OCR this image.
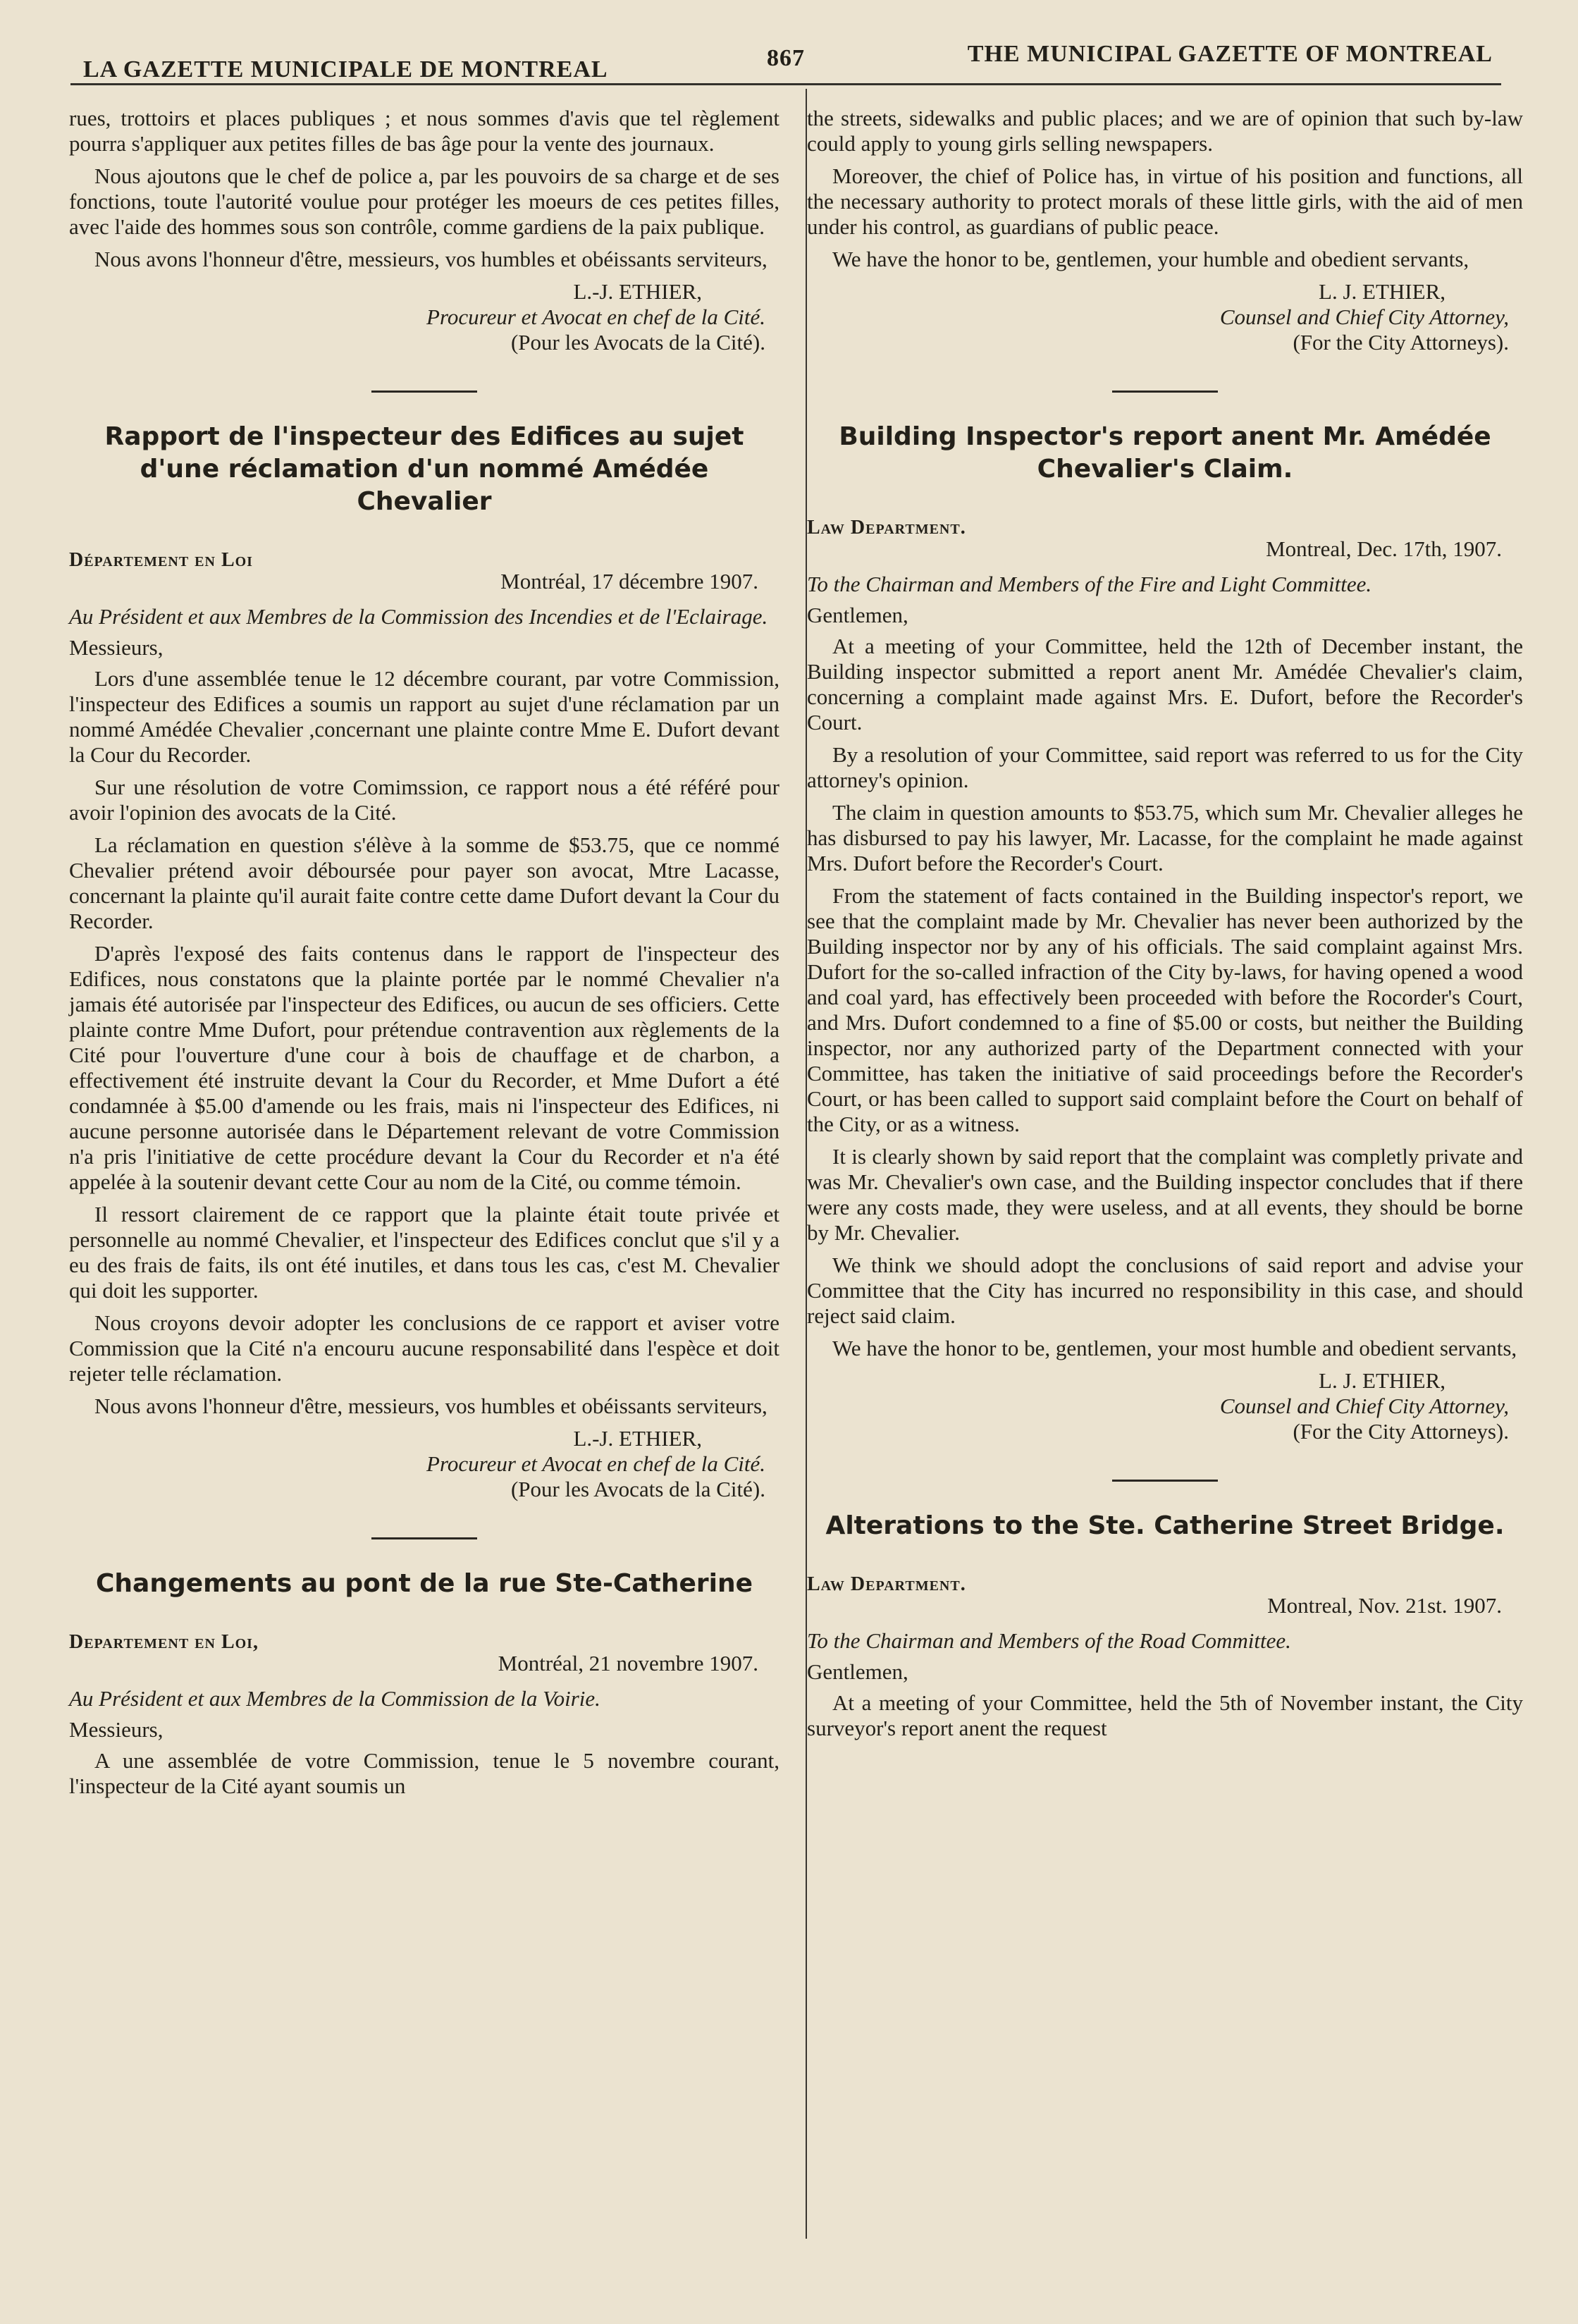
LA GAZETTE MUNICIPALE DE MONTREAL	867	THE MUNICIPAL GAZETTE OF MONTREAL

rues, trottoirs et places publiques ; et nous sommes d'avis que tel règlement pourra s'appliquer aux petites filles de bas âge pour la vente des journaux.

Nous ajoutons que le chef de police a, par les pouvoirs de sa charge et de ses fonctions, toute l'autorité voulue pour protéger les moeurs de ces petites filles, avec l'aide des hommes sous son contrôle, comme gardiens de la paix publique.

Nous avons l'honneur d'être, messieurs, vos humbles et obéissants serviteurs,

L.-J. ETHIER,
Procureur et Avocat en chef de la Cité.
(Pour les Avocats de la Cité).
Rapport de l'inspecteur des Edifices au sujet d'une réclamation d'un nommé Amédée Chevalier
Département en Loi
Montréal, 17 décembre 1907.

Au Président et aux Membres de la Commission des Incendies et de l'Eclairage.

Messieurs,

Lors d'une assemblée tenue le 12 décembre courant, par votre Commission, l'inspecteur des Edifices a soumis un rapport au sujet d'une réclamation par un nommé Amédée Chevalier ,concernant une plainte contre Mme E. Dufort devant la Cour du Recorder.

Sur une résolution de votre Comimssion, ce rapport nous a été référé pour avoir l'opinion des avocats de la Cité.

La réclamation en question s'élève à la somme de $53.75, que ce nommé Chevalier prétend avoir déboursée pour payer son avocat, Mtre Lacasse, concernant la plainte qu'il aurait faite contre cette dame Dufort devant la Cour du Recorder.

D'après l'exposé des faits contenus dans le rapport de l'inspecteur des Edifices, nous constatons que la plainte portée par le nommé Chevalier n'a jamais été autorisée par l'inspecteur des Edifices, ou aucun de ses officiers. Cette plainte contre Mme Dufort, pour prétendue contravention aux règlements de la Cité pour l'ouverture d'une cour à bois de chauffage et de charbon, a effectivement été instruite devant la Cour du Recorder, et Mme Dufort a été condamnée à $5.00 d'amende ou les frais, mais ni l'inspecteur des Edifices, ni aucune personne autorisée dans le Département relevant de votre Commission n'a pris l'initiative de cette procédure devant la Cour du Recorder et n'a été appelée à la soutenir devant cette Cour au nom de la Cité, ou comme témoin.

Il ressort clairement de ce rapport que la plainte était toute privée et personnelle au nommé Chevalier, et l'inspecteur des Edifices conclut que s'il y a eu des frais de faits, ils ont été inutiles, et dans tous les cas, c'est M. Chevalier qui doit les supporter.

Nous croyons devoir adopter les conclusions de ce rapport et aviser votre Commission que la Cité n'a encouru aucune responsabilité dans l'espèce et doit rejeter telle réclamation.

Nous avons l'honneur d'être, messieurs, vos humbles et obéissants serviteurs,

L.-J. ETHIER,
Procureur et Avocat en chef de la Cité.
(Pour les Avocats de la Cité).
Changements au pont de la rue Ste-Catherine
Departement en Loi,
Montréal, 21 novembre 1907.

Au Président et aux Membres de la Commission de la Voirie.

Messieurs,

A une assemblée de votre Commission, tenue le 5 novembre courant, l'inspecteur de la Cité ayant soumis un

the streets, sidewalks and public places; and we are of opinion that such by-law could apply to young girls selling newspapers.

Moreover, the chief of Police has, in virtue of his position and functions, all the necessary authority to protect morals of these little girls, with the aid of men under his control, as guardians of public peace.

We have the honor to be, gentlemen, your humble and obedient servants,

L. J. ETHIER,
Counsel and Chief City Attorney,
(For the City Attorneys).
Building Inspector's report anent Mr. Amédée Chevalier's Claim.
Law Department.
Montreal, Dec. 17th, 1907.

To the Chairman and Members of the Fire and Light Committee.

Gentlemen,

At a meeting of your Committee, held the 12th of December instant, the Building inspector submitted a report anent Mr. Amédée Chevalier's claim, concerning a complaint made against Mrs. E. Dufort, before the Recorder's Court.

By a resolution of your Committee, said report was referred to us for the City attorney's opinion.

The claim in question amounts to $53.75, which sum Mr. Chevalier alleges he has disbursed to pay his lawyer, Mr. Lacasse, for the complaint he made against Mrs. Dufort before the Recorder's Court.

From the statement of facts contained in the Building inspector's report, we see that the complaint made by Mr. Chevalier has never been authorized by the Building inspector nor by any of his officials. The said complaint against Mrs. Dufort for the so-called infraction of the City by-laws, for having opened a wood and coal yard, has effectively been proceeded with before the Rocorder's Court, and Mrs. Dufort condemned to a fine of $5.00 or costs, but neither the Building inspector, nor any authorized party of the Department connected with your Committee, has taken the initiative of said proceedings before the Recorder's Court, or has been called to support said complaint before the Court on behalf of the City, or as a witness.

It is clearly shown by said report that the complaint was completly private and was Mr. Chevalier's own case, and the Building inspector concludes that if there were any costs made, they were useless, and at all events, they should be borne by Mr. Chevalier.

We think we should adopt the conclusions of said report and advise your Committee that the City has incurred no responsibility in this case, and should reject said claim.

We have the honor to be, gentlemen, your most humble and obedient servants,

L. J. ETHIER,
Counsel and Chief City Attorney,
(For the City Attorneys).
Alterations to the Ste. Catherine Street Bridge.
Law Department.
Montreal, Nov. 21st. 1907.

To the Chairman and Members of the Road Committee.

Gentlemen,

At a meeting of your Committee, held the 5th of November instant, the City surveyor's report anent the request
